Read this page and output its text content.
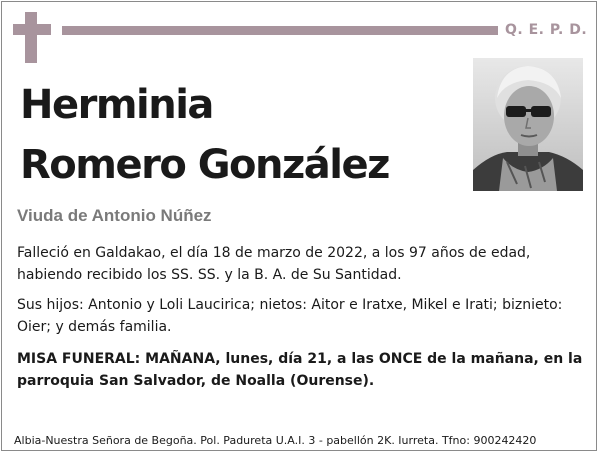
Q. E. P. D.
Herminia
Romero González
Viuda de Antonio Núñez
Falleció en Galdakao, el día 18 de marzo de 2022, a los 97 años de edad, habiendo recibido los SS. SS. y la B. A. de Su Santidad.
Sus hijos: Antonio y Loli Laucirica; nietos: Aitor e Iratxe, Mikel e Irati; biznieto: Oier; y demás familia.
MISA FUNERAL: MAÑANA, lunes, día 21, a las ONCE de la mañana, en la parroquia San Salvador, de Noalla (Ourense).
Albia-Nuestra Señora de Begoña. Pol. Padureta U.A.I. 3 - pabellón 2K. Iurreta. Tfno: 900242420
